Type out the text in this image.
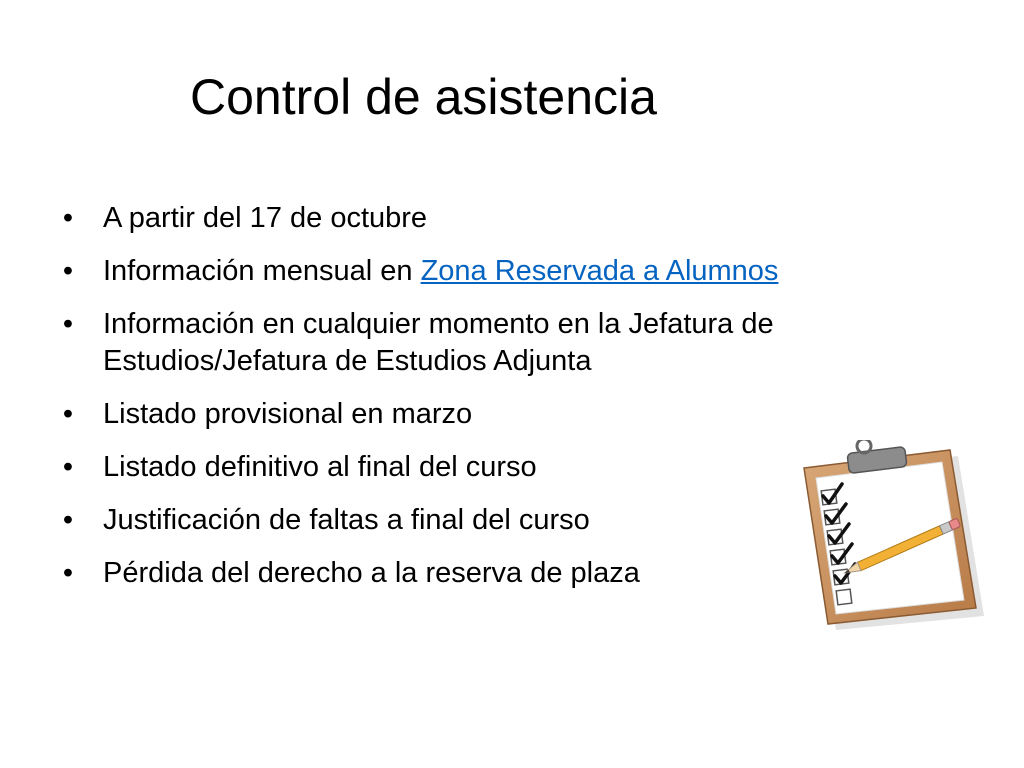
Control de asistencia
• A partir del 17 de octubre
• Información mensual en Zona Reservada a Alumnos
• Información en cualquier momento en la Jefatura de Estudios/Jefatura de Estudios Adjunta
• Listado provisional en marzo
• Listado definitivo al final del curso
• Justificación de faltas a final del curso
• Pérdida del derecho a la reserva de plaza
